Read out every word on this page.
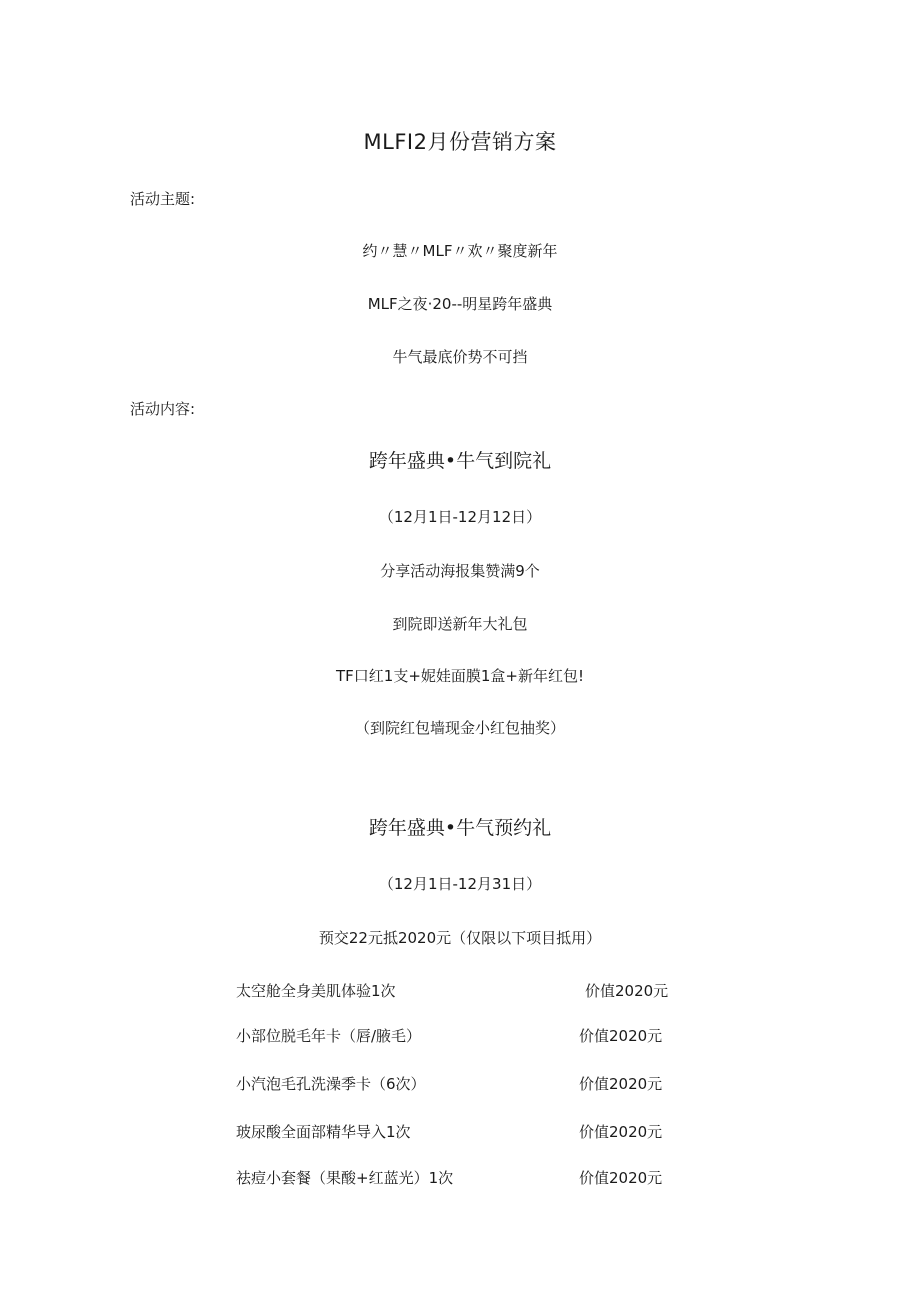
MLFI2月份营销方案
活动主题:
约〃慧〃MLF〃欢〃聚度新年
MLF之夜·20--明星跨年盛典
牛气最底价势不可挡
活动内容:
跨年盛典•牛气到院礼
（12月1日-12月12日）
分享活动海报集赞满9个
到院即送新年大礼包
TF口红1支+妮娃面膜1盒+新年红包!
（到院红包墙现金小红包抽奖）
跨年盛典•牛气预约礼
（12月1日-12月31日）
预交22元抵2020元（仅限以下项目抵用）
太空舱全身美肌体验1次	价值2020元
小部位脱毛年卡（唇/腋毛）	价值2020元
小汽泡毛孔洗澡季卡（6次）	价值2020元
玻尿酸全面部精华导入1次	价值2020元
祛痘小套餐（果酸+红蓝光）1次	价值2020元
